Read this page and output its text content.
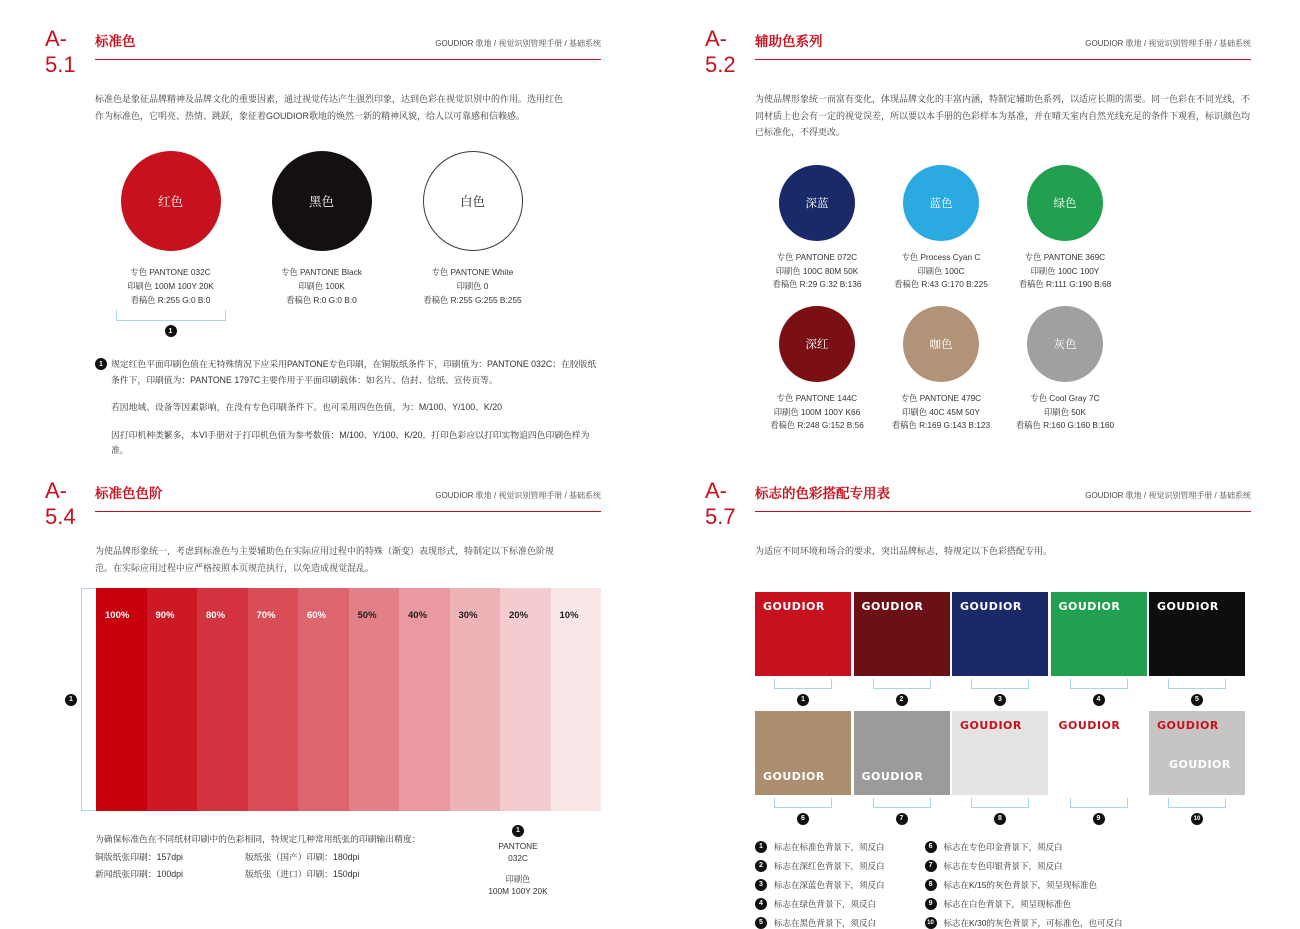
A-5.1
标准色	GOUDIOR 歌地 / 视觉识别管理手册 / 基础系统

标准色是象征品牌精神及品牌文化的重要因素，通过视觉传达产生强烈印象，达到色彩在视觉识别中的作用。选用红色作为标准色，它明亮、热情、跳跃，象征着GOUDIOR歌地的焕然一新的精神风貌，给人以可靠感和信赖感。

红色
专色 PANTONE 032C
印刷色 100M 100Y 20K
看稿色 R:255 G:0 B:0
1
黑色
专色 PANTONE Black
印刷色 100K
看稿色 R:0 G:0 B:0
白色
专色 PANTONE White
印刷色 0
看稿色 R:255 G:255 B:255
1 规定红色平面印刷色值在无特殊情况下应采用PANTONE专色印刷，在铜版纸条件下，印刷值为：PANTONE 032C；在胶版纸条件下，印刷值为：PANTONE 1797C主要作用于平面印刷载体：如名片、信封、信纸、宣传页等。

若因地域、设备等因素影响，在没有专色印刷条件下。也可采用四色色值，为：M/100、Y/100、K/20

因打印机种类繁多，本VI手册对于打印机色值为参考数值：M/100、Y/100、K/20。打印色彩应以打印实物追四色印刷色样为准。

A-5.2
辅助色系列	GOUDIOR 歌地 / 视觉识别管理手册 / 基础系统

为使品牌形象统一而富有变化，体现品牌文化的丰富内涵，特制定辅助色系列，以适应长期的需要。同一色彩在不同光线，不同材质上也会有一定的视觉误差，所以要以本手册的色彩样本为基准，并在晴天室内自然光线充足的条件下观看，标识颜色均已标准化，不得更改。

深蓝
专色 PANTONE 072C
印刷色 100C 80M 50K
看稿色 R:29 G:32 B:136
蓝色
专色 Process Cyan C
印刷色 100C
看稿色 R:43 G:170 B:225
绿色
专色 PANTONE 369C
印刷色 100C 100Y
看稿色 R:111 G:190 B:68
深红
专色 PANTONE 144C
印刷色 100M 100Y K66
看稿色 R:248 G:152 B:56
咖色
专色 PANTONE 479C
印刷色 40C 45M 50Y
看稿色 R:169 G:143 B:123
灰色
专色 Cool Gray 7C
印刷色 50K
看稿色 R:160 G:160 B:160
A-5.4
标准色色阶	GOUDIOR 歌地 / 视觉识别管理手册 / 基础系统

为使品牌形象统一，考虑到标准色与主要辅助色在实际应用过程中的特殊（渐变）表现形式，特制定以下标准色阶规范。在实际应用过程中应严格按照本页规范执行，以免造成视觉混乱。

1
100%	90%	80%	70%	60%	50%	40%	30%	20%	10%
为确保标准色在不同纸材印刷中的色彩相同，特规定几种常用纸张的印刷输出精度：
铜版纸张印刷：157dpi	版纸张（国产）印刷：180dpi
新闻纸张印刷：100dpi	版纸张（进口）印刷：150dpi
1
PANTONE
032C
印刷色
100M 100Y 20K
A-5.7
标志的色彩搭配专用表	GOUDIOR 歌地 / 视觉识别管理手册 / 基础系统

为适应不同环境和场合的要求，突出品牌标志，特规定以下色彩搭配专用。

GOUDIOR
1
GOUDIOR
2
GOUDIOR
3
GOUDIOR
4
GOUDIOR
5
GOUDIOR
6
GOUDIOR
7
GOUDIOR
8
GOUDIOR
9
GOUDIOR
GOUDIOR
10
1	标志在标准色背景下，须反白
2	标志在深红色背景下，须反白
3	标志在深蓝色背景下，须反白
4	标志在绿色背景下，须反白
5	标志在黑色背景下，须反白
6	标志在专色印金背景下，须反白
7	标志在专色印银背景下，须反白
8	标志在K/15的灰色背景下，须呈现标准色
9	标志在白色背景下，须呈现标准色
10	标志在K/30的灰色背景下，可标准色，也可反白
